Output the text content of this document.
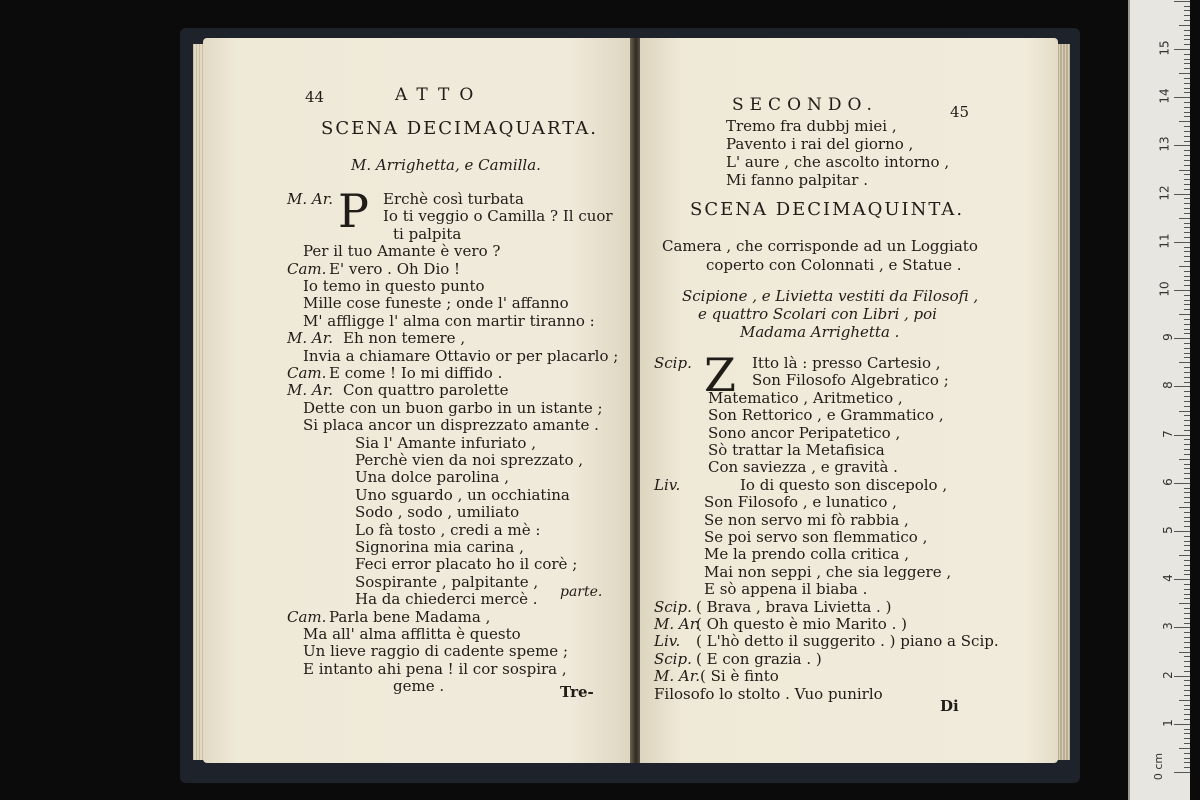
44	ATTO
SCENA DECIMAQUARTA.
M. Arrighetta, e Camilla.
P
M. Ar.	Erchè così turbata
Io ti veggio o Camilla ? Il cuor
ti palpita
Per il tuo Amante è vero ?
Cam. E' vero . Oh Dio !
Io temo in questo punto
Mille cose funeste ; onde l' affanno
M' affligge l' alma con martir tiranno :
M. Ar. Eh non temere ,
Invia a chiamare Ottavio or per placarlo ;
Cam. E come ! Io mi diffido .
M. Ar. Con quattro parolette
Dette con un buon garbo in un istante ;
Si placa ancor un disprezzato amante .
Sia l' Amante infuriato ,
Perchè vien da noi sprezzato ,
Una dolce parolina ,
Uno sguardo , un occhiatina
Sodo , sodo , umiliato
Lo fà tosto , credi a mè :
Signorina mia carina ,
Feci error placato ho il corè ;
Sospirante , palpitante ,
Ha da chiederci mercè .
Cam. Parla bene Madama ,
Ma all' alma afflitta è questo
Un lieve raggio di cadente speme ;
E intanto ahi pena ! il cor sospira ,
geme .
parte.
Tre-
SECONDO.	45
Tremo fra dubbj miei ,
Pavento i rai del giorno ,
L' aure , che ascolto intorno ,
Mi fanno palpitar .
SCENA DECIMAQUINTA.
Camera , che corrisponde ad un Loggiato
coperto con Colonnati , e Statue .
Scipione , e Livietta vestiti da Filosofi ,
e quattro Scolari con Libri , poi
Madama Arrighetta .
Z
Scip.	Itto là : presso Cartesio ,
Son Filosofo Algebratico ;
Matematico , Aritmetico ,
Son Rettorico , e Grammatico ,
Sono ancor Peripatetico ,
Sò trattar la Metafisica
Con saviezza , e gravità .
Liv.	Io di questo son discepolo ,
Son Filosofo , e lunatico ,
Se non servo mi fò rabbia ,
Se poi servo son flemmatico ,
Me la prendo colla critica ,
Mai non seppi , che sia leggere ,
E sò appena il biaba .
Scip. ( Brava , brava Livietta . )
M. Ar.
( Oh questo è mio Marito . )
Liv. ( L'hò detto il suggerito . ) piano a Scip.
Scip. ( E con grazia . )
M. Ar. ( Si è finto
Filosofo lo stolto . Vuo punirlo
Di
15
14
13
12
11
10
9
8
7
6
5
4
3
2
1
0 cm
